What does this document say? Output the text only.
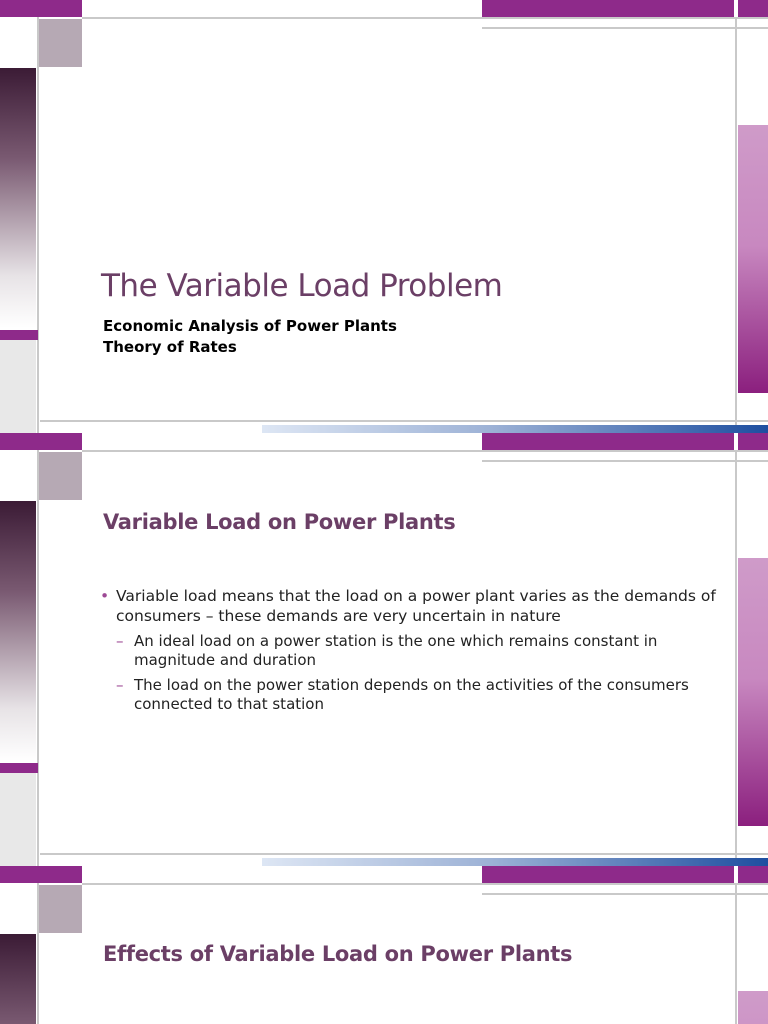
The Variable Load Problem
Economic Analysis of Power Plants
Theory of Rates
Variable Load on Power Plants
• Variable load means that the load on a power plant varies as the demands of consumers – these demands are very uncertain in nature
– An ideal load on a power station is the one which remains constant in magnitude and duration
– The load on the power station depends on the activities of the consumers connected to that station
Effects of Variable Load on Power Plants
